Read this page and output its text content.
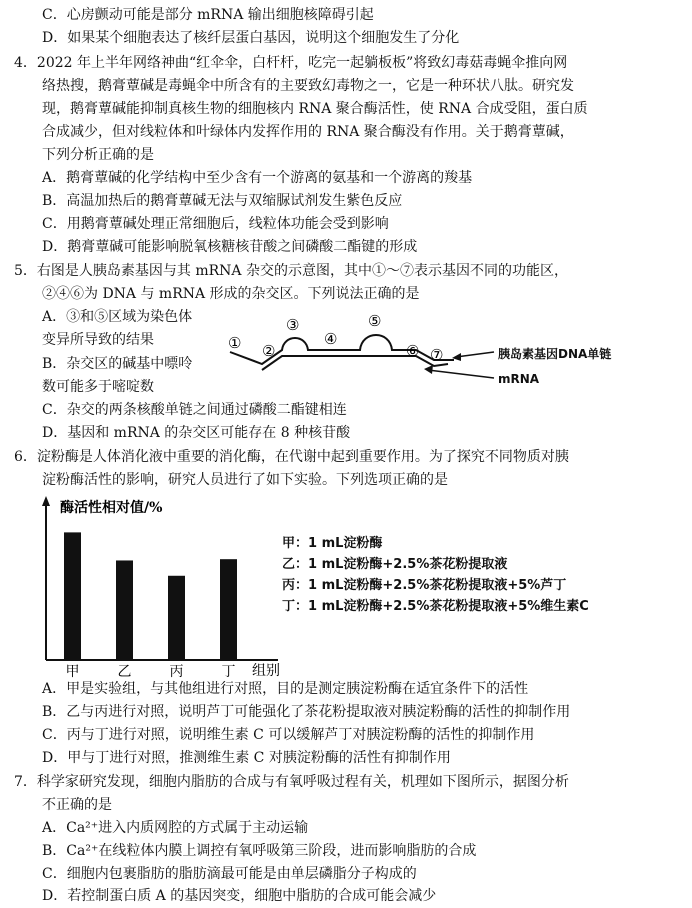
C．心房颤动可能是部分 mRNA 输出细胞核障碍引起
D．如果某个细胞表达了核纤层蛋白基因，说明这个细胞发生了分化
4．2022 年上半年网络神曲“红伞伞，白杆杆，吃完一起躺板板”将致幻毒菇毒蝇伞推向网
络热搜，鹅膏蕈碱是毒蝇伞中所含有的主要致幻毒物之一，它是一种环状八肽。研究发
现，鹅膏蕈碱能抑制真核生物的细胞核内 RNA 聚合酶活性，使 RNA 合成受阻，蛋白质
合成减少，但对线粒体和叶绿体内发挥作用的 RNA 聚合酶没有作用。关于鹅膏蕈碱，
下列分析正确的是
A．鹅膏蕈碱的化学结构中至少含有一个游离的氨基和一个游离的羧基
B．高温加热后的鹅膏蕈碱无法与双缩脲试剂发生紫色反应
C．用鹅膏蕈碱处理正常细胞后，线粒体功能会受到影响
D．鹅膏蕈碱可能影响脱氧核糖核苷酸之间磷酸二酯键的形成
5．右图是人胰岛素基因与其 mRNA 杂交的示意图，其中①～⑦表示基因不同的功能区，
②④⑥为 DNA 与 mRNA 形成的杂交区。下列说法正确的是
A．③和⑤区域为染色体
变异所导致的结果
B．杂交区的碱基中嘌呤
数可能多于嘧啶数
C．杂交的两条核酸单链之间通过磷酸二酯键相连
D．基因和 mRNA 的杂交区可能存在 8 种核苷酸
① ②
③
④
⑤
⑥ ⑦	胰岛素基因DNA单链
mRNA
6．淀粉酶是人体消化液中重要的消化酶，在代谢中起到重要作用。为了探究不同物质对胰
淀粉酶活性的影响，研究人员进行了如下实验。下列选项正确的是
甲	乙	丙	丁
酶活性相对值/%
组别
甲：1 mL淀粉酶
乙：1 mL淀粉酶+2.5%茶花粉提取液
丙：1 mL淀粉酶+2.5%茶花粉提取液+5%芦丁
丁：1 mL淀粉酶+2.5%茶花粉提取液+5%维生素C
A．甲是实验组，与其他组进行对照，目的是测定胰淀粉酶在适宜条件下的活性
B．乙与丙进行对照，说明芦丁可能强化了茶花粉提取液对胰淀粉酶的活性的抑制作用
C．丙与丁进行对照，说明维生素 C 可以缓解芦丁对胰淀粉酶的活性的抑制作用
D．甲与丁进行对照，推测维生素 C 对胰淀粉酶的活性有抑制作用
7．科学家研究发现，细胞内脂肪的合成与有氧呼吸过程有关，机理如下图所示，据图分析
不正确的是
A．Ca²⁺进入内质网腔的方式属于主动运输
B．Ca²⁺在线粒体内膜上调控有氧呼吸第三阶段，进而影响脂肪的合成
C．细胞内包裹脂肪的脂肪滴最可能是由单层磷脂分子构成的
D．若控制蛋白质 A 的基因突变，细胞中脂肪的合成可能会减少
